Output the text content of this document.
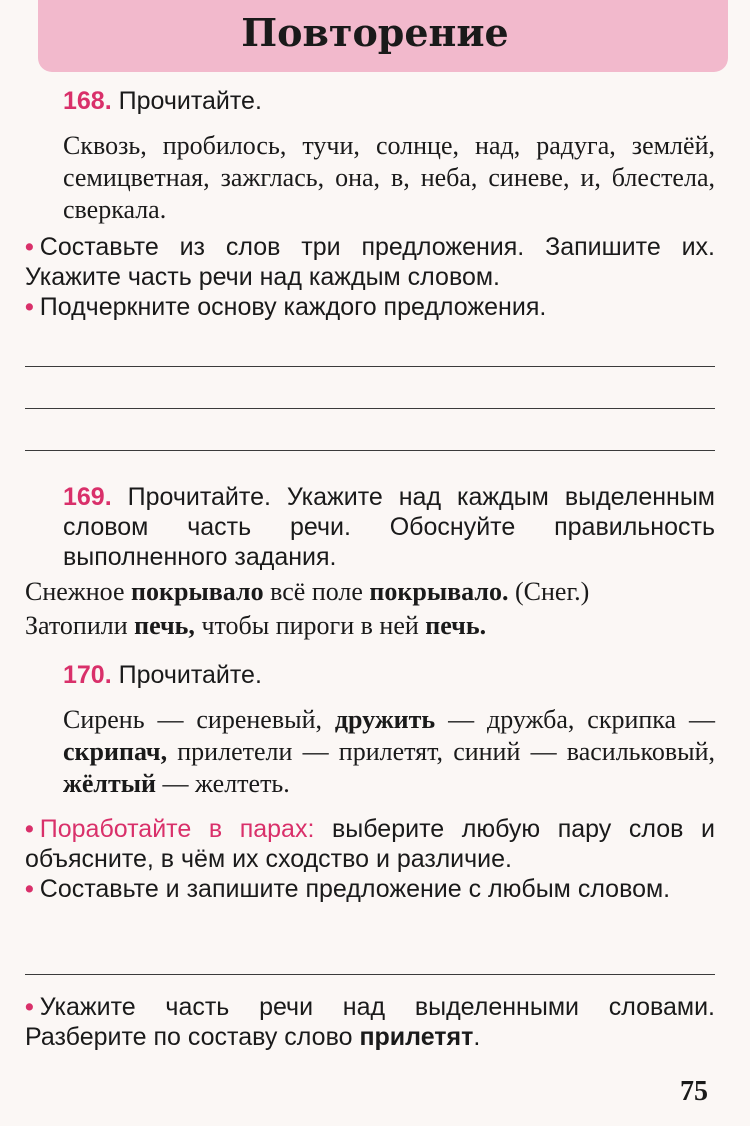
Повторение
168. Прочитайте.
Сквозь, пробилось, тучи, солнце, над, радуга, землёй, семицветная, зажглась, она, в, неба, синеве, и, блестела, сверкала.
• Составьте из слов три предложения. Запишите их. Укажите часть речи над каждым словом.
• Подчеркните основу каждого предложения.
169. Прочитайте. Укажите над каждым выделенным словом часть речи. Обоснуйте правильность выполненного задания.
Снежное покрывало всё поле покрывало. (Снег.)
Затопили печь, чтобы пироги в ней печь.
170. Прочитайте.
Сирень — сиреневый, дружить — дружба, скрипка — скрипач, прилетели — прилетят, синий — васильковый, жёлтый — желтеть.
• Поработайте в парах: выберите любую пару слов и объясните, в чём их сходство и различие.
• Составьте и запишите предложение с любым словом.
• Укажите часть речи над выделенными словами. Разберите по составу слово прилетят.
75
